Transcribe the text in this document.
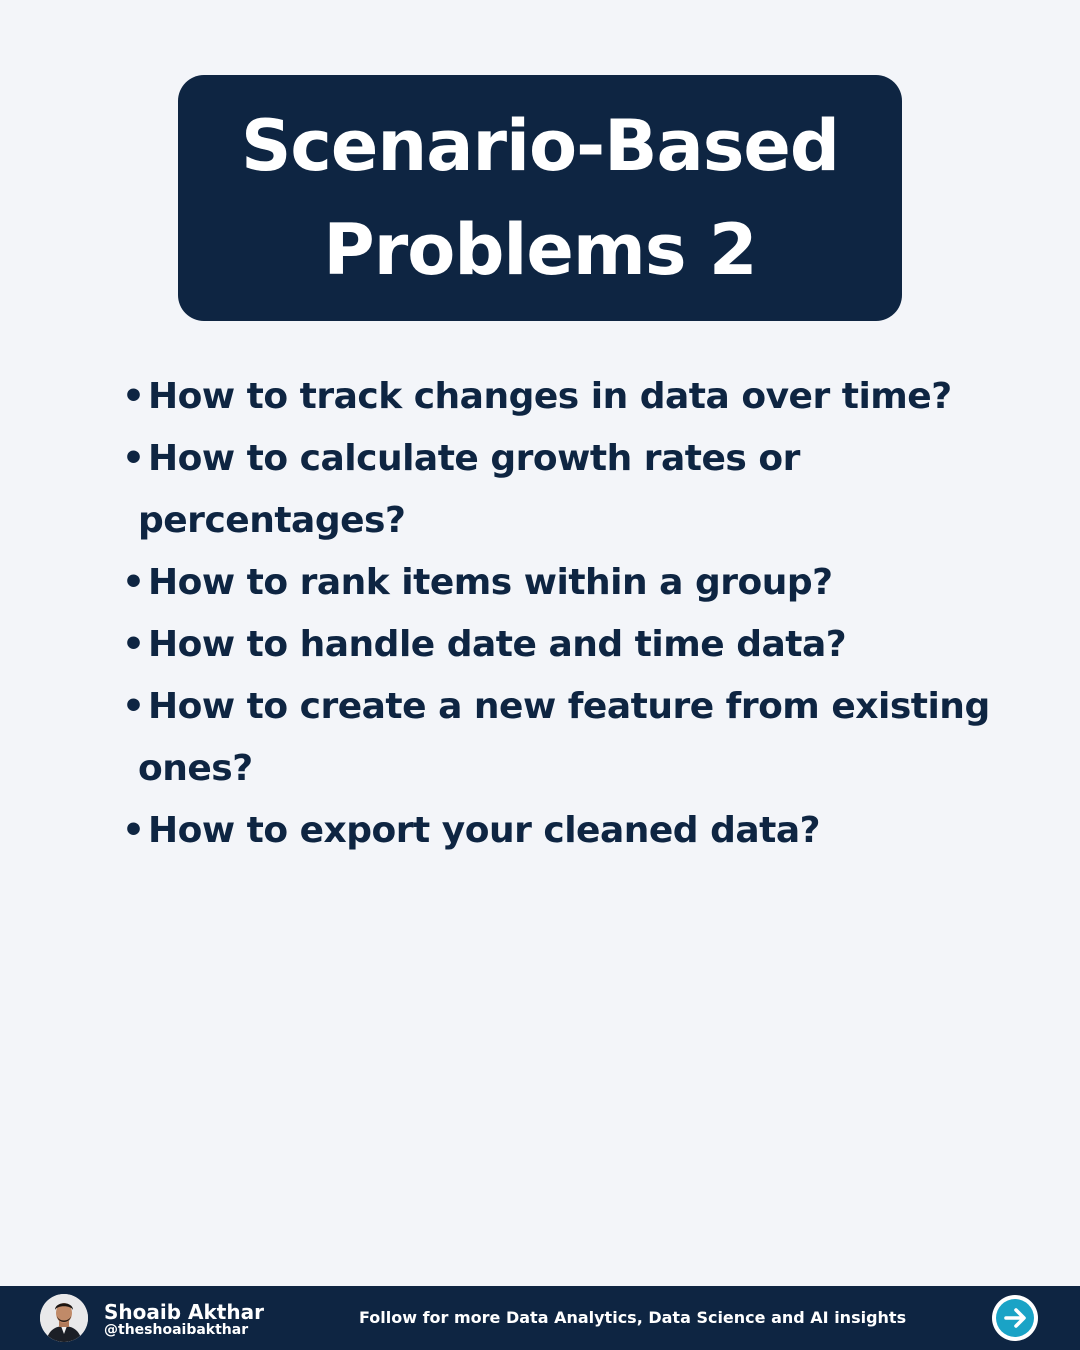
Scenario-Based
Problems 2
• How to track changes in data over time?
• How to calculate growth rates or percentages?
• How to rank items within a group?
• How to handle date and time data?
• How to create a new feature from existing ones?
• How to export your cleaned data?
Shoaib Akthar
@theshoaibakthar
Follow for more Data Analytics, Data Science and AI insights
